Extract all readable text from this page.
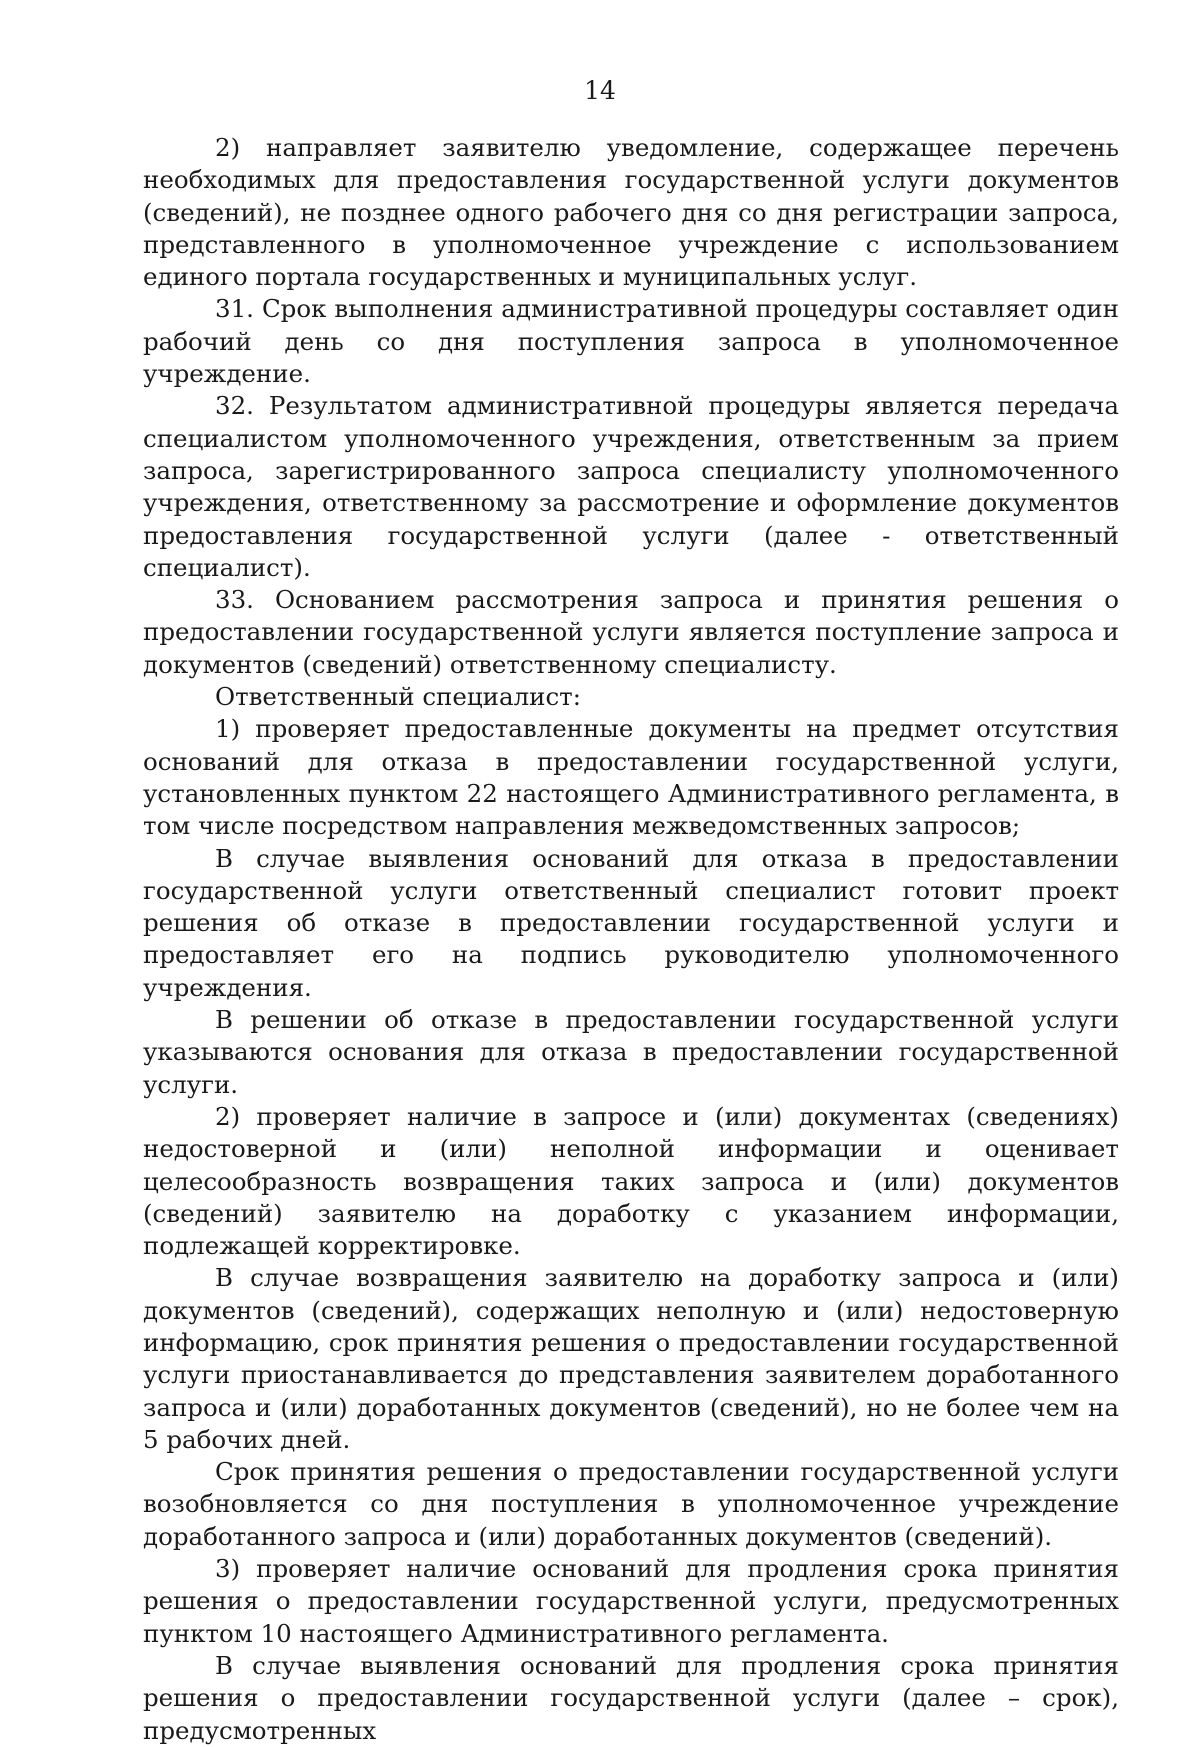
14

2) направляет заявителю уведомление, содержащее перечень необходимых для предоставления государственной услуги документов (сведений), не позднее одного рабочего дня со дня регистрации запроса, представленного в уполномоченное учреждение с использованием единого портала государственных и муниципальных услуг.

31. Срок выполнения административной процедуры составляет один рабочий день со дня поступления запроса в уполномоченное учреждение.

32. Результатом административной процедуры является передача специалистом уполномоченного учреждения, ответственным за прием запроса, зарегистрированного запроса специалисту уполномоченного учреждения, ответственному за рассмотрение и оформление документов предоставления государственной услуги (далее - ответственный специалист).

33. Основанием рассмотрения запроса и принятия решения о предоставлении государственной услуги является поступление запроса и документов (сведений) ответственному специалисту.

Ответственный специалист:

1) проверяет предоставленные документы на предмет отсутствия оснований для отказа в предоставлении государственной услуги, установленных пунктом 22 настоящего Административного регламента, в том числе посредством направления межведомственных запросов;

В случае выявления оснований для отказа в предоставлении государственной услуги ответственный специалист готовит проект решения об отказе в предоставлении государственной услуги и предоставляет его на подпись руководителю уполномоченного учреждения.

В решении об отказе в предоставлении государственной услуги указываются основания для отказа в предоставлении государственной услуги.

2) проверяет наличие в запросе и (или) документах (сведениях) недостоверной и (или) неполной информации и оценивает целесообразность возвращения таких запроса и (или) документов (сведений) заявителю на доработку с указанием информации, подлежащей корректировке.

В случае возвращения заявителю на доработку запроса и (или) документов (сведений), содержащих неполную и (или) недостоверную информацию, срок принятия решения о предоставлении государственной услуги приостанавливается до представления заявителем доработанного запроса и (или) доработанных документов (сведений), но не более чем на 5 рабочих дней.

Срок принятия решения о предоставлении государственной услуги возобновляется со дня поступления в уполномоченное учреждение доработанного запроса и (или) доработанных документов (сведений).

3) проверяет наличие оснований для продления срока принятия решения о предоставлении государственной услуги, предусмотренных пунктом 10 настоящего Административного регламента.

В случае выявления оснований для продления срока принятия решения о предоставлении государственной услуги (далее – срок), предусмотренных
